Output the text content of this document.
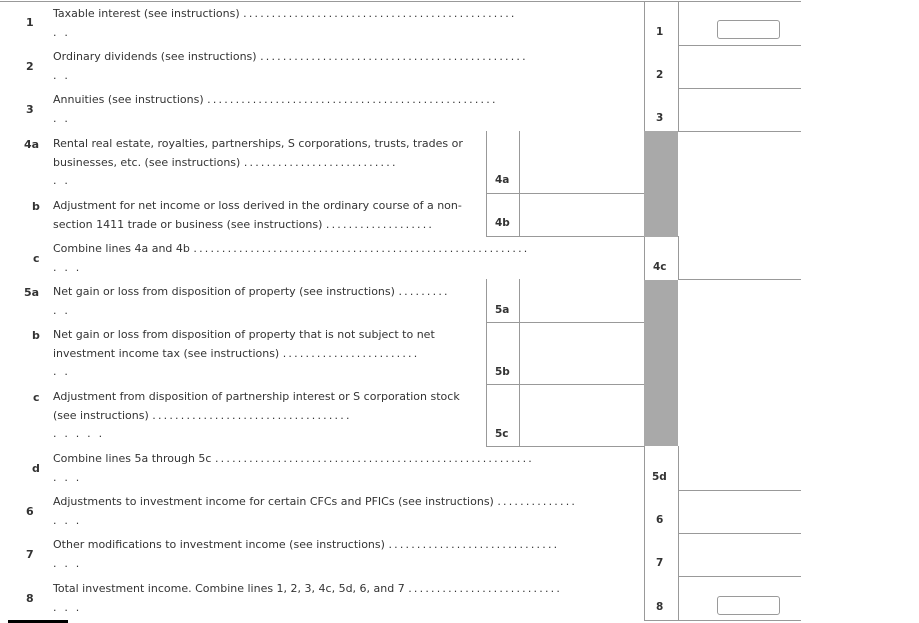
1
Taxable interest (see instructions) ................................................
. .	1
2
Ordinary dividends (see instructions) ...............................................
. .	2
3
Annuities (see instructions) ...................................................
. .	3
4a Rental real estate, royalties, partnerships, S corporations, trusts, trades or
businesses, etc. (see instructions) ...........................
. .	4a
b Adjustment for net income or loss derived in the ordinary course of a non-
section 1411 trade or business (see instructions) ...................	4b
c
Combine lines 4a and 4b ...........................................................
. . .	4c
5a Net gain or loss from disposition of property (see instructions) .........
. .	5a
b Net gain or loss from disposition of property that is not subject to net
investment income tax (see instructions) ........................
. .	5b
c Adjustment from disposition of partnership interest or S corporation stock
(see instructions) ...................................
. . . . .	5c
d
Combine lines 5a through 5c ........................................................
. . .	5d
6
Adjustments to investment income for certain CFCs and PFICs (see instructions) ..............
. . .	6
7
Other modifications to investment income (see instructions) ..............................
. . .	7
8
Total investment income. Combine lines 1, 2, 3, 4c, 5d, 6, and 7 ...........................
. . .	8
